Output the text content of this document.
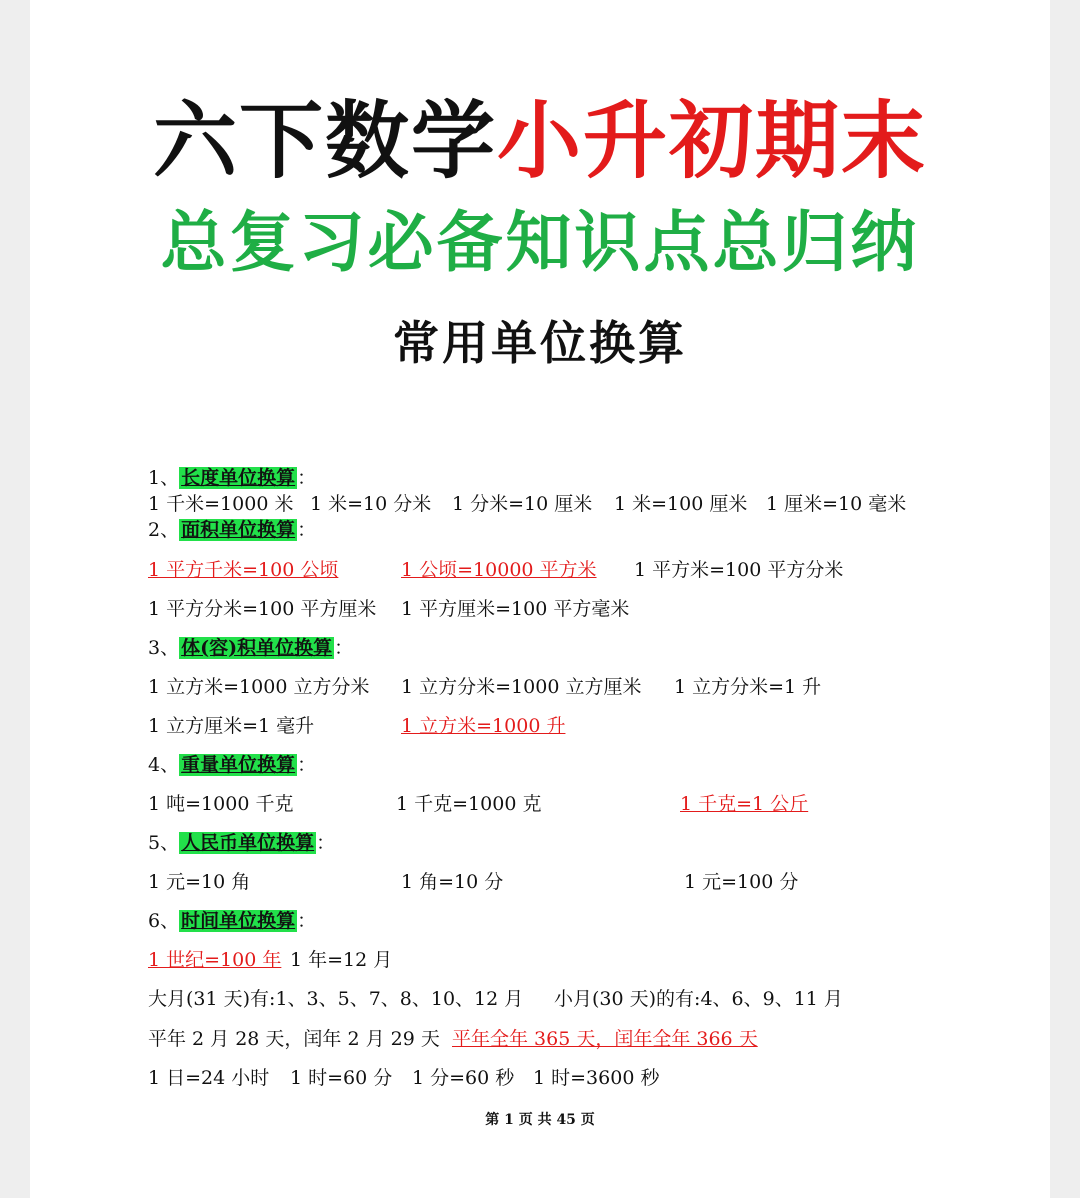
六下数学小升初期末
总复习必备知识点总归纳
常用单位换算
1、 长度单位换算 ：
1 千米=1000 米 1 米=10 分米 1 分米=10 厘米 1 米=100 厘米 1 厘米=10 毫米
2、 面积单位换算 ：
1 平方千米=100 公顷	1 公顷=10000 平方米 1 平方米=100 平方分米
1 平方分米=100 平方厘米 1 平方厘米=100 平方毫米
3、 体(容)积单位换算 ：
1 立方米=1000 立方分米 1 立方分米=1000 立方厘米 1 立方分米=1 升
1 立方厘米=1 毫升	1 立方米=1000 升
4、 重量单位换算 ：
1 吨=1000 千克	1 千克=1000 克	1 千克=1 公斤
5、 人民币单位换算 ：
1 元=10 角	1 角=10 分	1 元=100 分
6、 时间单位换算 ：
1 世纪=100 年 1 年=12 月
大月(31 天)有:1、3、5、7、8、10、12 月 小月(30 天)的有:4、6、9、11 月
平年 2 月 28 天，闰年 2 月 29 天 平年全年 365 天，闰年全年 366 天
1 日=24 小时 1 时=60 分 1 分=60 秒 1 时=3600 秒
第 1 页 共 45 页
